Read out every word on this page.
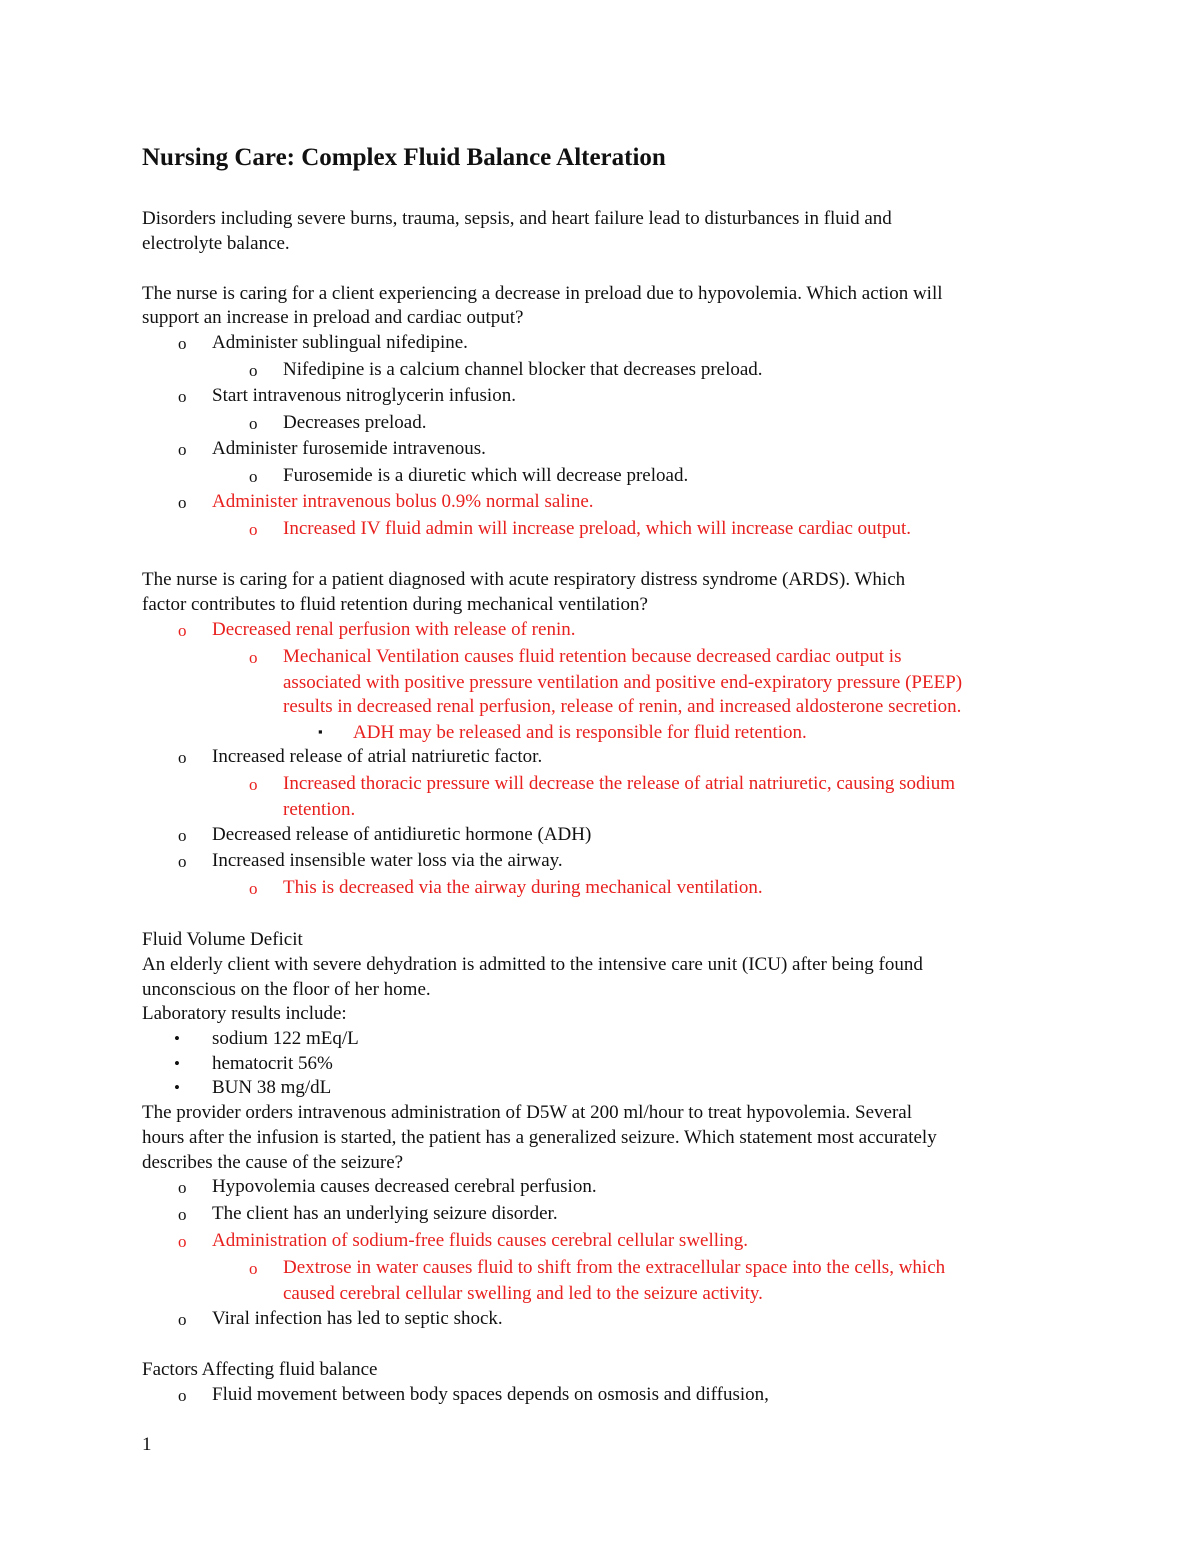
Nursing Care: Complex Fluid Balance Alteration
Disorders including severe burns, trauma, sepsis, and heart failure lead to disturbances in fluid and
electrolyte balance.
The nurse is caring for a client experiencing a decrease in preload due to hypovolemia. Which action will
support an increase in preload and cardiac output?
o Administer sublingual nifedipine.
o Nifedipine is a calcium channel blocker that decreases preload.
o Start intravenous nitroglycerin infusion.
o Decreases preload.
o Administer furosemide intravenous.
o Furosemide is a diuretic which will decrease preload.
o Administer intravenous bolus 0.9% normal saline.
o Increased IV fluid admin will increase preload, which will increase cardiac output.
The nurse is caring for a patient diagnosed with acute respiratory distress syndrome (ARDS). Which
factor contributes to fluid retention during mechanical ventilation?
o Decreased renal perfusion with release of renin.
o Mechanical Ventilation causes fluid retention because decreased cardiac output is
associated with positive pressure ventilation and positive end-expiratory pressure (PEEP)
results in decreased renal perfusion, release of renin, and increased aldosterone secretion.
▪ ADH may be released and is responsible for fluid retention.
o Increased release of atrial natriuretic factor.
o Increased thoracic pressure will decrease the release of atrial natriuretic, causing sodium
retention.
o Decreased release of antidiuretic hormone (ADH)
o Increased insensible water loss via the airway.
o This is decreased via the airway during mechanical ventilation.
Fluid Volume Deficit
An elderly client with severe dehydration is admitted to the intensive care unit (ICU) after being found
unconscious on the floor of her home.
Laboratory results include:
• sodium 122 mEq/L
• hematocrit 56%
• BUN 38 mg/dL
The provider orders intravenous administration of D5W at 200 ml/hour to treat hypovolemia. Several
hours after the infusion is started, the patient has a generalized seizure. Which statement most accurately
describes the cause of the seizure?
o Hypovolemia causes decreased cerebral perfusion.
o The client has an underlying seizure disorder.
o Administration of sodium-free fluids causes cerebral cellular swelling.
o Dextrose in water causes fluid to shift from the extracellular space into the cells, which
caused cerebral cellular swelling and led to the seizure activity.
o Viral infection has led to septic shock.
Factors Affecting fluid balance
o Fluid movement between body spaces depends on osmosis and diffusion,
1
